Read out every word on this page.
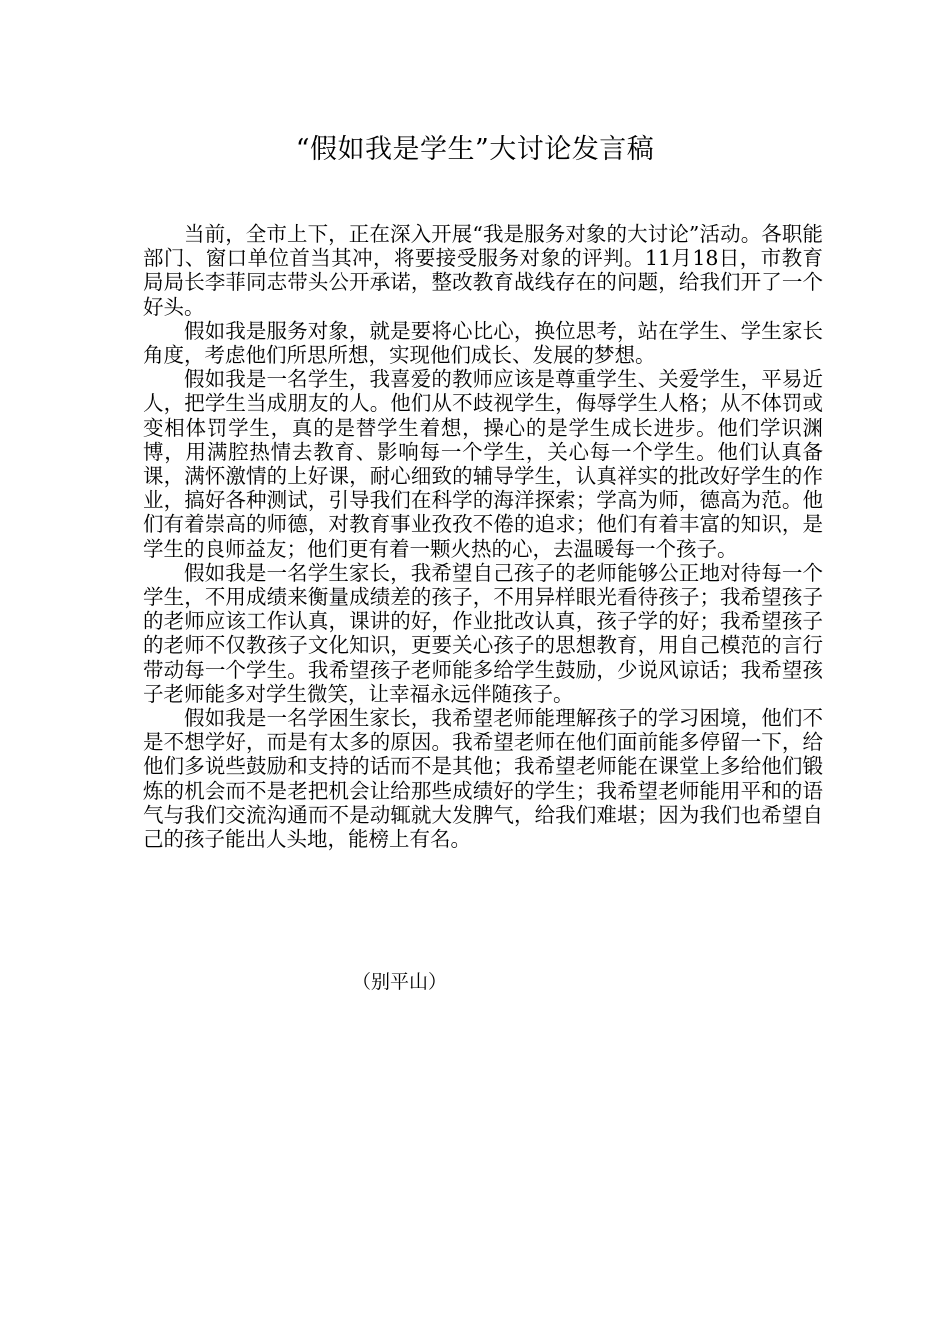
“假如我是学生”大讨论发言稿

当前，全市上下，正在深入开展“我是服务对象的大讨论”活动。各职能部门、窗口单位首当其冲，将要接受服务对象的评判。11月18日，市教育局局长李菲同志带头公开承诺，整改教育战线存在的问题，给我们开了一个好头。

假如我是服务对象，就是要将心比心，换位思考，站在学生、学生家长角度，考虑他们所思所想，实现他们成长、发展的梦想。

假如我是一名学生，我喜爱的教师应该是尊重学生、关爱学生，平易近人，把学生当成朋友的人。他们从不歧视学生，侮辱学生人格；从不体罚或变相体罚学生，真的是替学生着想，操心的是学生成长进步。他们学识渊博，用满腔热情去教育、影响每一个学生，关心每一个学生。他们认真备课，满怀激情的上好课，耐心细致的辅导学生，认真祥实的批改好学生的作业，搞好各种测试，引导我们在科学的海洋探索；学高为师，德高为范。他们有着崇高的师德，对教育事业孜孜不倦的追求；他们有着丰富的知识，是学生的良师益友；他们更有着一颗火热的心，去温暖每一个孩子。

假如我是一名学生家长，我希望自己孩子的老师能够公正地对待每一个学生，不用成绩来衡量成绩差的孩子，不用异样眼光看待孩子；我希望孩子的老师应该工作认真，课讲的好，作业批改认真，孩子学的好；我希望孩子的老师不仅教孩子文化知识，更要关心孩子的思想教育，用自己模范的言行带动每一个学生。我希望孩子老师能多给学生鼓励，少说风谅话；我希望孩子老师能多对学生微笑，让幸福永远伴随孩子。

假如我是一名学困生家长，我希望老师能理解孩子的学习困境，他们不是不想学好，而是有太多的原因。我希望老师在他们面前能多停留一下，给他们多说些鼓励和支持的话而不是其他；我希望老师能在课堂上多给他们锻炼的机会而不是老把机会让给那些成绩好的学生；我希望老师能用平和的语气与我们交流沟通而不是动辄就大发脾气，给我们难堪；因为我们也希望自己的孩子能出人头地，能榜上有名。

（别平山）
